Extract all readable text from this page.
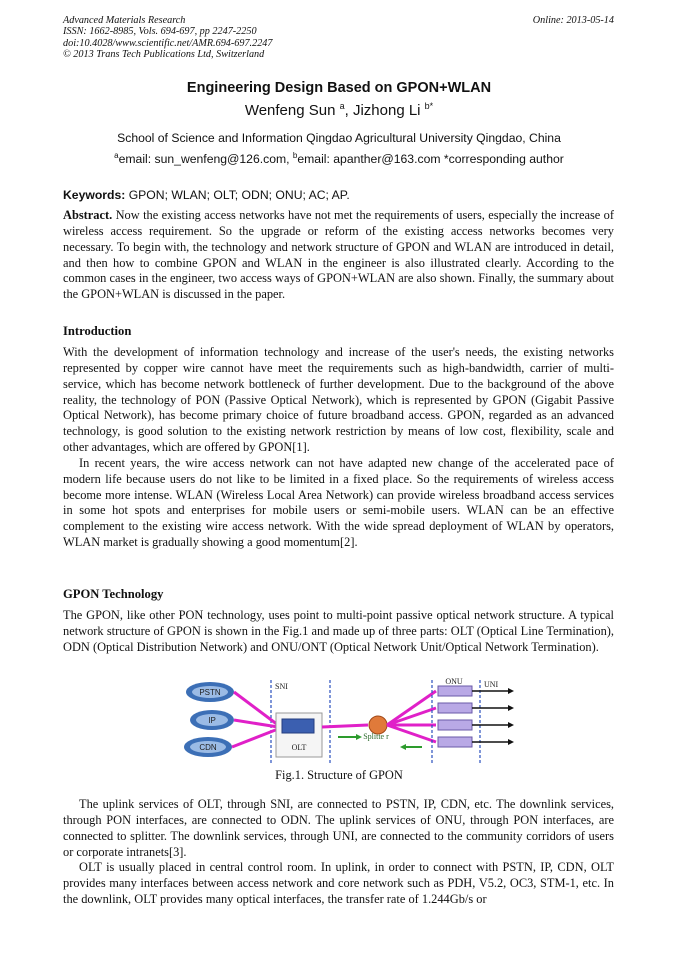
Advanced Materials Research
ISSN: 1662-8985, Vols. 694-697, pp 2247-2250
doi:10.4028/www.scientific.net/AMR.694-697.2247
© 2013 Trans Tech Publications Ltd, Switzerland
Online: 2013-05-14
Engineering Design Based on GPON+WLAN
Wenfeng Sun $^a$, Jizhong Li $^{b*}$
School of Science and Information Qingdao Agricultural University Qingdao, China
$^a$email: sun_wenfeng@126.com, $^b$email: apanther@163.com *corresponding author
Keywords: GPON; WLAN; OLT; ODN; ONU; AC; AP.

Abstract. Now the existing access networks have not met the requirements of users, especially the increase of wireless access requirement. So the upgrade or reform of the existing access networks becomes very necessary. To begin with, the technology and network structure of GPON and WLAN are introduced in detail, and then how to combine GPON and WLAN in the engineer is also illustrated clearly. According to the common cases in the engineer, two access ways of GPON+WLAN are also shown. Finally, the summary about the GPON+WLAN is discussed in the paper.

Introduction

With the development of information technology and increase of the user's needs, the existing networks represented by copper wire cannot have meet the requirements such as high-bandwidth, carrier of multi-service, which has become network bottleneck of further development. Due to the background of the above reality, the technology of PON (Passive Optical Network), which is represented by GPON (Gigabit Passive Optical Network), has become primary choice of future broadband access. GPON, regarded as an advanced technology, is good solution to the existing network restriction by means of low cost, flexibility, scale and other advantages, which are offered by GPON[1].

In recent years, the wire access network can not have adapted new change of the accelerated pace of modern life because users do not like to be limited in a fixed place. So the requirements of wireless access become more intense. WLAN (Wireless Local Area Network) can provide wireless broadband access services in some hot spots and enterprises for mobile users or semi-mobile users. WLAN can be an effective complement to the existing wire access network. With the wide spread deployment of WLAN by operators, WLAN market is gradually showing a good momentum[2].

GPON Technology
The GPON, like other PON technology, uses point to multi-point passive optical network structure. A typical network structure of GPON is shown in the Fig.1 and made up of three parts: OLT (Optical Line Termination), ODN (Optical Distribution Network) and ONU/ONT (Optical Network Unit/Optical Network Termination).
PSTN
IP
CDN
SNI
OLT
Splitte r
ONU	UNI
Fig.1. Structure of GPON

The uplink services of OLT, through SNI, are connected to PSTN, IP, CDN, etc. The downlink services, through PON interfaces, are connected to ODN. The uplink services of ONU, through PON interfaces, are connected to splitter. The downlink services, through UNI, are connected to the community corridors of users or corporate intranets[3].

OLT is usually placed in central control room. In uplink, in order to connect with PSTN, IP, CDN, OLT provides many interfaces between access network and core network such as PDH, V5.2, OC3, STM-1, etc. In the downlink, OLT provides many optical interfaces, the transfer rate of 1.244Gb/s or
